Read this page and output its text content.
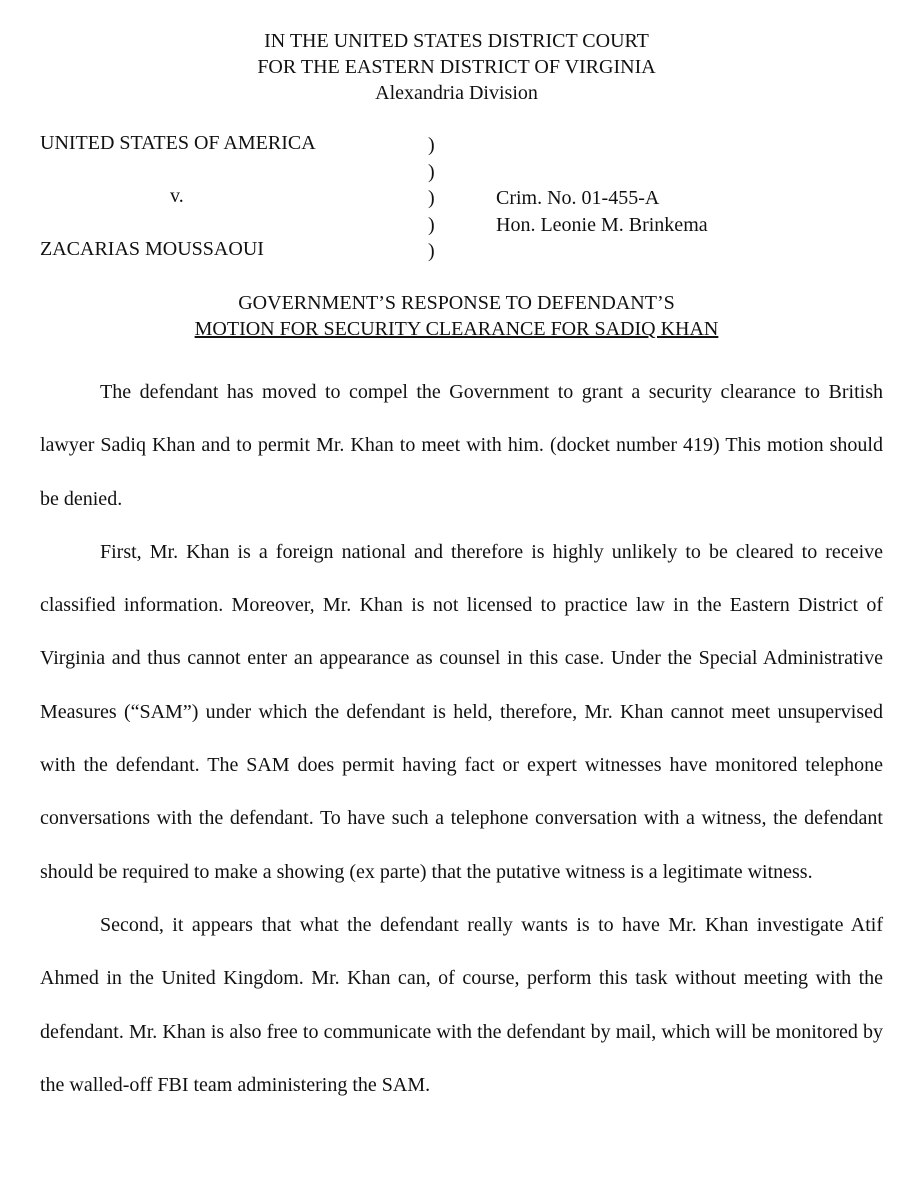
IN THE UNITED STATES DISTRICT COURT
FOR THE EASTERN DISTRICT OF VIRGINIA
Alexandria Division
UNITED STATES OF AMERICA
v.
ZACARIAS MOUSSAOUI
)
)
)
)
)
Crim. No. 01-455-A
Hon. Leonie M. Brinkema
GOVERNMENT’S RESPONSE TO DEFENDANT’S
MOTION FOR SECURITY CLEARANCE FOR SADIQ KHAN

The defendant has moved to compel the Government to grant a security clearance to British lawyer Sadiq Khan and to permit Mr. Khan to meet with him. (docket number 419) This motion should be denied.

First, Mr. Khan is a foreign national and therefore is highly unlikely to be cleared to receive classified information. Moreover, Mr. Khan is not licensed to practice law in the Eastern District of Virginia and thus cannot enter an appearance as counsel in this case. Under the Special Administrative Measures (“SAM”) under which the defendant is held, therefore, Mr. Khan cannot meet unsupervised with the defendant. The SAM does permit having fact or expert witnesses have monitored telephone conversations with the defendant. To have such a telephone conversation with a witness, the defendant should be required to make a showing (ex parte) that the putative witness is a legitimate witness.

Second, it appears that what the defendant really wants is to have Mr. Khan investigate Atif Ahmed in the United Kingdom. Mr. Khan can, of course, perform this task without meeting with the defendant. Mr. Khan is also free to communicate with the defendant by mail, which will be monitored by the walled-off FBI team administering the SAM.
